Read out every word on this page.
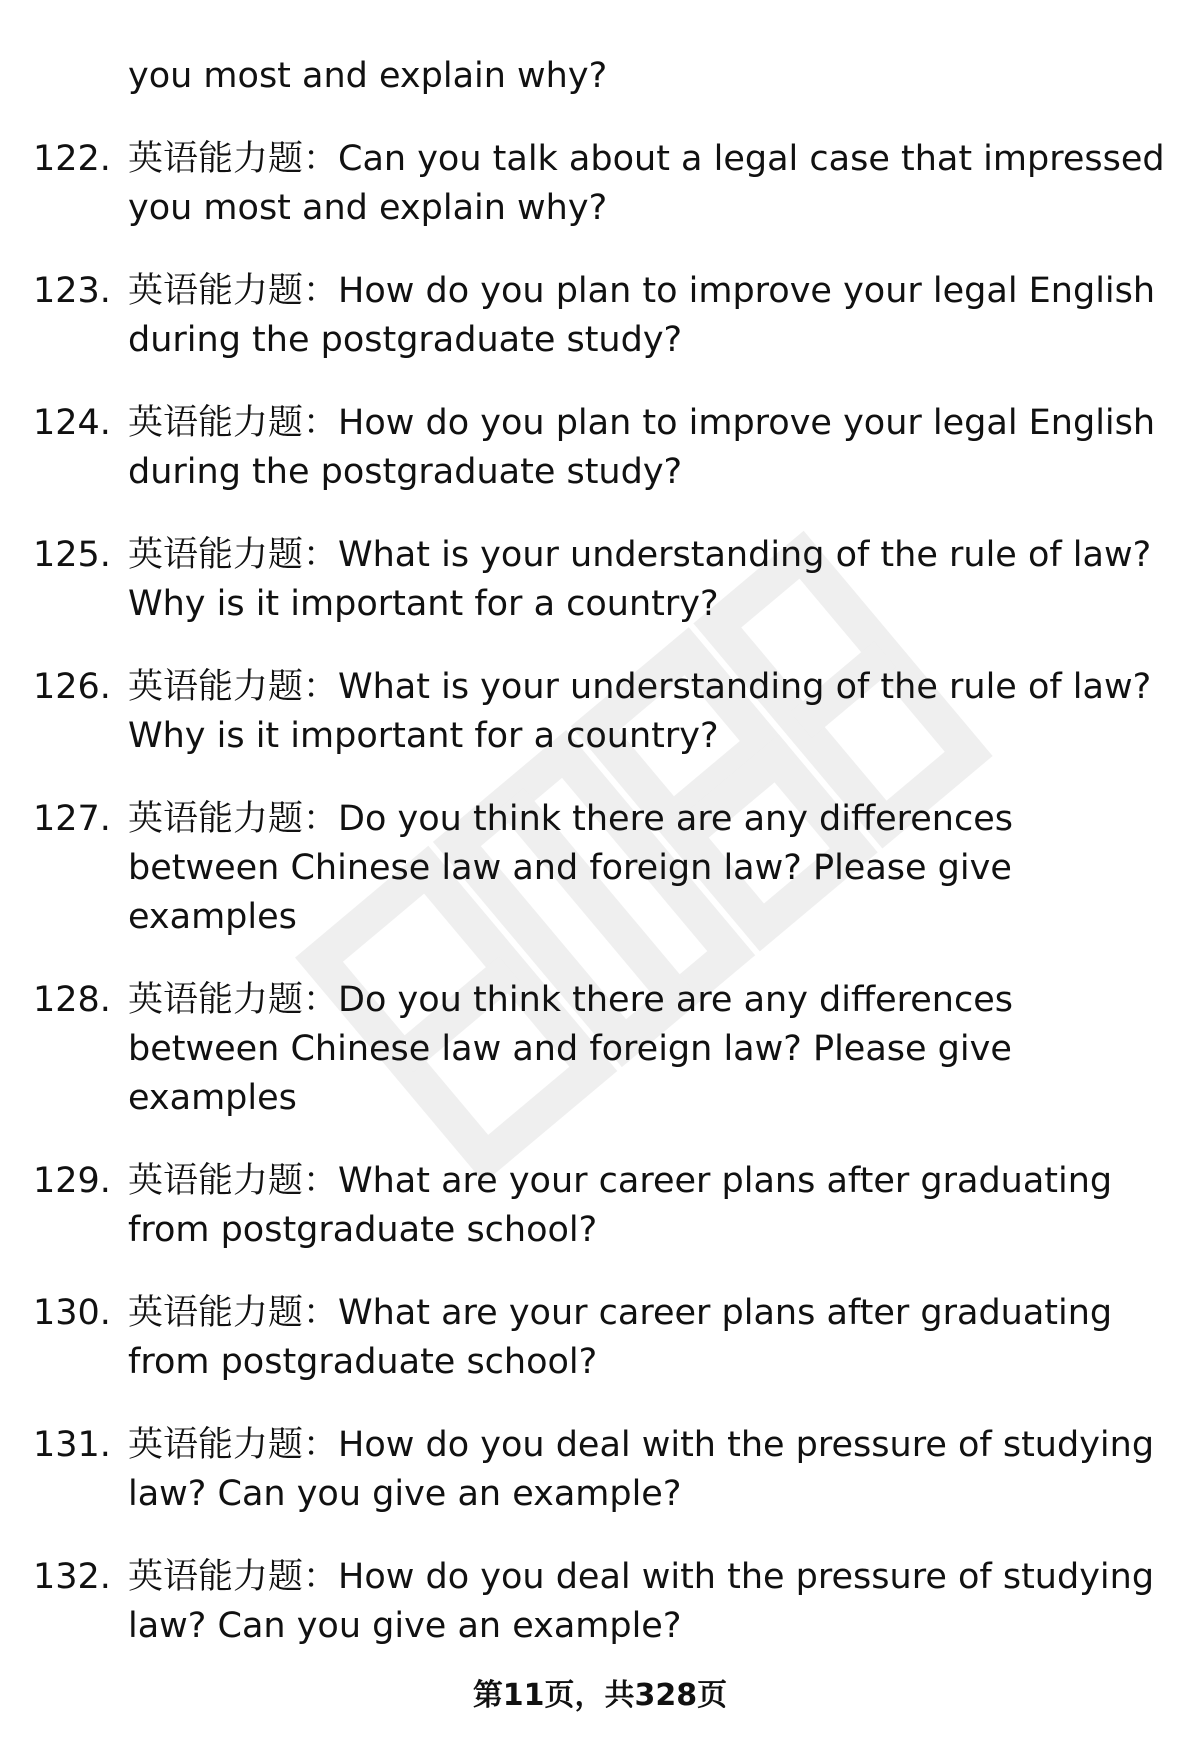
you most and explain why?
122. 英语能力题：Can you talk about a legal case that impressed
you most and explain why?
123. 英语能力题：How do you plan to improve your legal English
during the postgraduate study?
124. 英语能力题：How do you plan to improve your legal English
during the postgraduate study?
125. 英语能力题：What is your understanding of the rule of law?
Why is it important for a country?
126. 英语能力题：What is your understanding of the rule of law?
Why is it important for a country?
127. 英语能力题：Do you think there are any differences
between Chinese law and foreign law? Please give
examples
128. 英语能力题：Do you think there are any differences
between Chinese law and foreign law? Please give
examples
129. 英语能力题：What are your career plans after graduating
from postgraduate school?
130. 英语能力题：What are your career plans after graduating
from postgraduate school?
131. 英语能力题：How do you deal with the pressure of studying
law? Can you give an example?
132. 英语能力题：How do you deal with the pressure of studying
law? Can you give an example?
第11页，共328页
